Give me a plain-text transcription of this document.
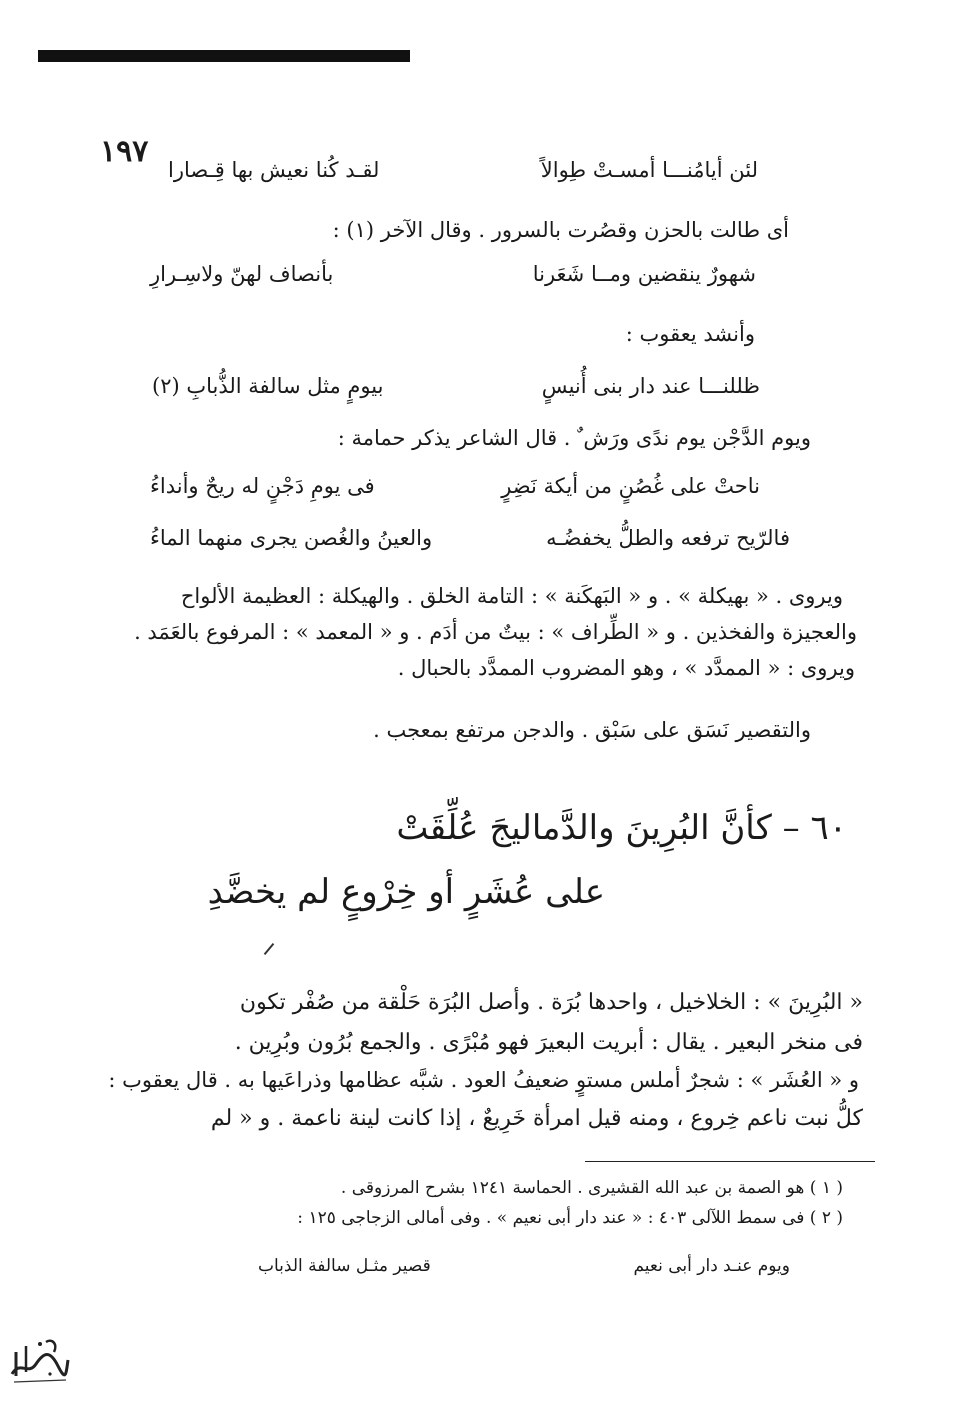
١٩٧
لئن أيامُنـــا أمسـتْ طِوالاً
لقـد كُنا نعيش بها قِـصارا
أى طالت بالحزن وقصُرت بالسرور . وقال الآخر (١) :
شهورٌ ينقضين ومــا شَعَرنا
بأنصاف لهنّ ولاسِـرارِ
وأنشد يعقوب :
ظللنـــا عند دار بنى أُنيسٍ
بيومٍ مثل سالفة الذُّبابِ (٢)
ويوم الدَّجْن يوم ندًى ورَش ٌ . قال الشاعر يذكر حمامة :
ناحتْ على غُصُنٍ من أيكة نَضِرٍ
فى يومِ دَجْنٍ له ريحٌ وأنداءُ
فالرّيح ترفعه والطلُّ يخفضُـه
والعينُ والغُصن يجرى منهما الماءُ
ويروى . « بهيكلة » . و « البَهكَنة » : التامة الخلق . والهيكلة : العظيمة الألواح
والعجيزة والفخذين . و « الطِّراف » : بيتٌ من أدَم . و « المعمد » : المرفوع بالعَمَد .
ويروى : « الممدَّد » ، وهو المضروب الممدَّد بالحبال .
والتقصير نَسَق على سَبْق . والدجن مرتفع بمعجب .
٦٠ – كأنَّ البُرِينَ والدَّماليجَ عُلِّقَتْ
على عُشَرٍ أو خِرْوعٍ لم يخضَّدِ
« البُرِينَ » : الخلاخيل ، واحدها بُرَة . وأصل البُرَة حَلْقة من صُفْر تكون
فى منخر البعير . يقال : أبريت البعيرَ فهو مُبْرًى . والجمع بُرُون وبُرِين .
و « العُشَر » : شجرٌ أملس مستوٍ ضعيفُ العود . شبَّه عظامها وذراعَيها به . قال يعقوب :
كلُّ نبت ناعم خِروع ، ومنه قيل امرأة خَرِيعٌ ، إذا كانت لينة ناعمة . و « لم
( ١ ) هو الصمة بن عبد الله القشيرى . الحماسة ١٢٤١ بشرح المرزوقى .
( ٢ ) فى سمط اللآلى ٤٠٣ : « عند دار أبى نعيم » . وفى أمالى الزجاجى ١٢٥ :
ويوم عنـد دار أبى نعيم
قصير مثـل سالفة الذباب
